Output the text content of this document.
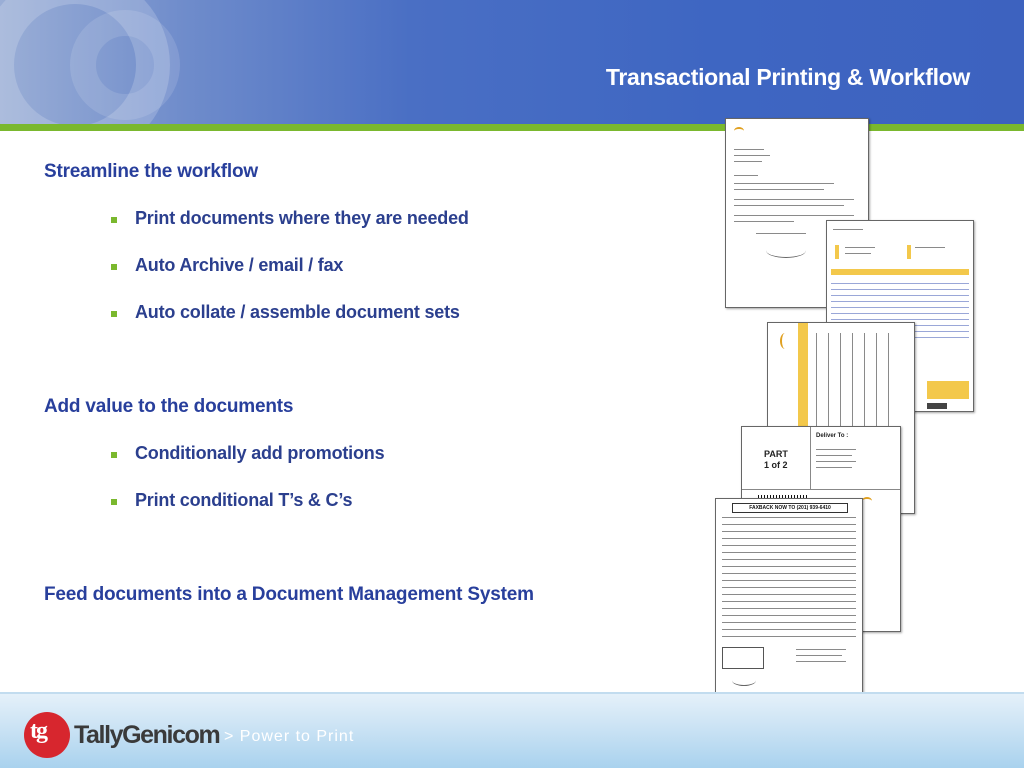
Transactional Printing & Workflow
Streamline the workflow
Print documents where they are needed
Auto Archive / email / fax
Auto collate / assemble document sets
Add value to the documents
Conditionally add promotions
Print conditional T’s & C’s
Feed documents into a Document Management System
PART
1 of 2
Deliver To :
FAXBACK NOW TO (201) 939-6410
tg TallyGenicom > Power to Print
